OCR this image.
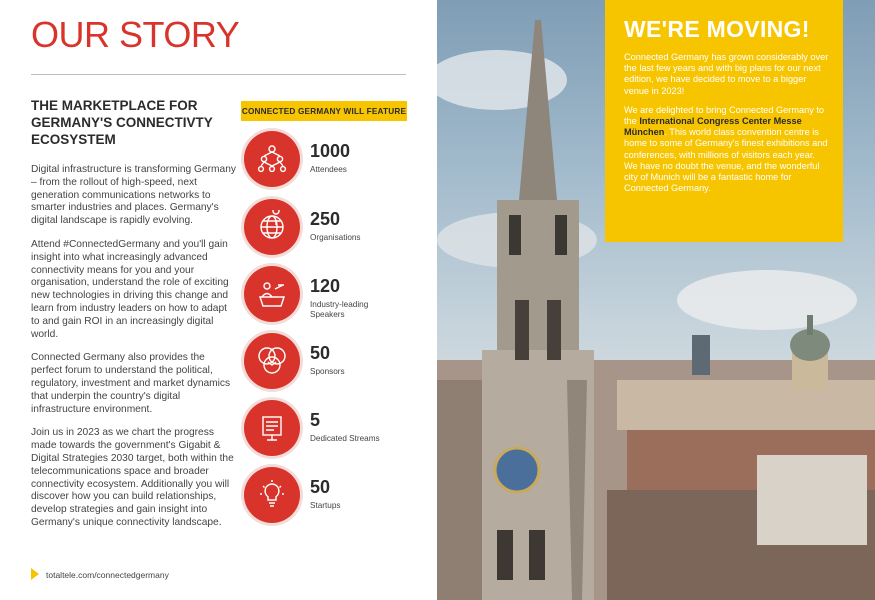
OUR STORY
THE MARKETPLACE FOR GERMANY'S CONNECTIVTY ECOSYSTEM

Digital infrastructure is transforming Germany – from the rollout of high-speed, next generation communications networks to smarter industries and places. Germany's digital landscape is rapidly evolving.

Attend #ConnectedGermany and you'll gain insight into what increasingly advanced connectivity means for you and your organisation, understand the role of exciting new technologies in driving this change and learn from industry leaders on how to adapt to and gain ROI in an increasingly digital world.

Connected Germany also provides the perfect forum to understand the political, regulatory, investment and market dynamics that underpin the country's digital infrastructure environment.

Join us in 2023 as we chart the progress made towards the government's Gigabit & Digital Strategies 2030 target, both within the telecommunications space and broader connectivity ecosystem. Additionally you will discover how you can build relationships, develop strategies and gain insight into Germany's unique connectivity landscape.

CONNECTED GERMANY WILL FEATURE
1000
Attendees
250
Organisations
120
Industry-leading Speakers
50
Sponsors
5
Dedicated Streams
50
Startups
totaltele.com/connectedgermany
WE'RE MOVING!

Connected Germany has grown considerably over the last few years and with big plans for our next edition, we have decided to move to a bigger venue in 2023!

We are delighted to bring Connected Germany to the International Congress Center Messe München. This world class convention centre is home to some of Germany's finest exhibitions and conferences, with millions of visitors each year. We have no doubt the venue, and the wonderful city of Munich will be a fantastic home for Connected Germany.
